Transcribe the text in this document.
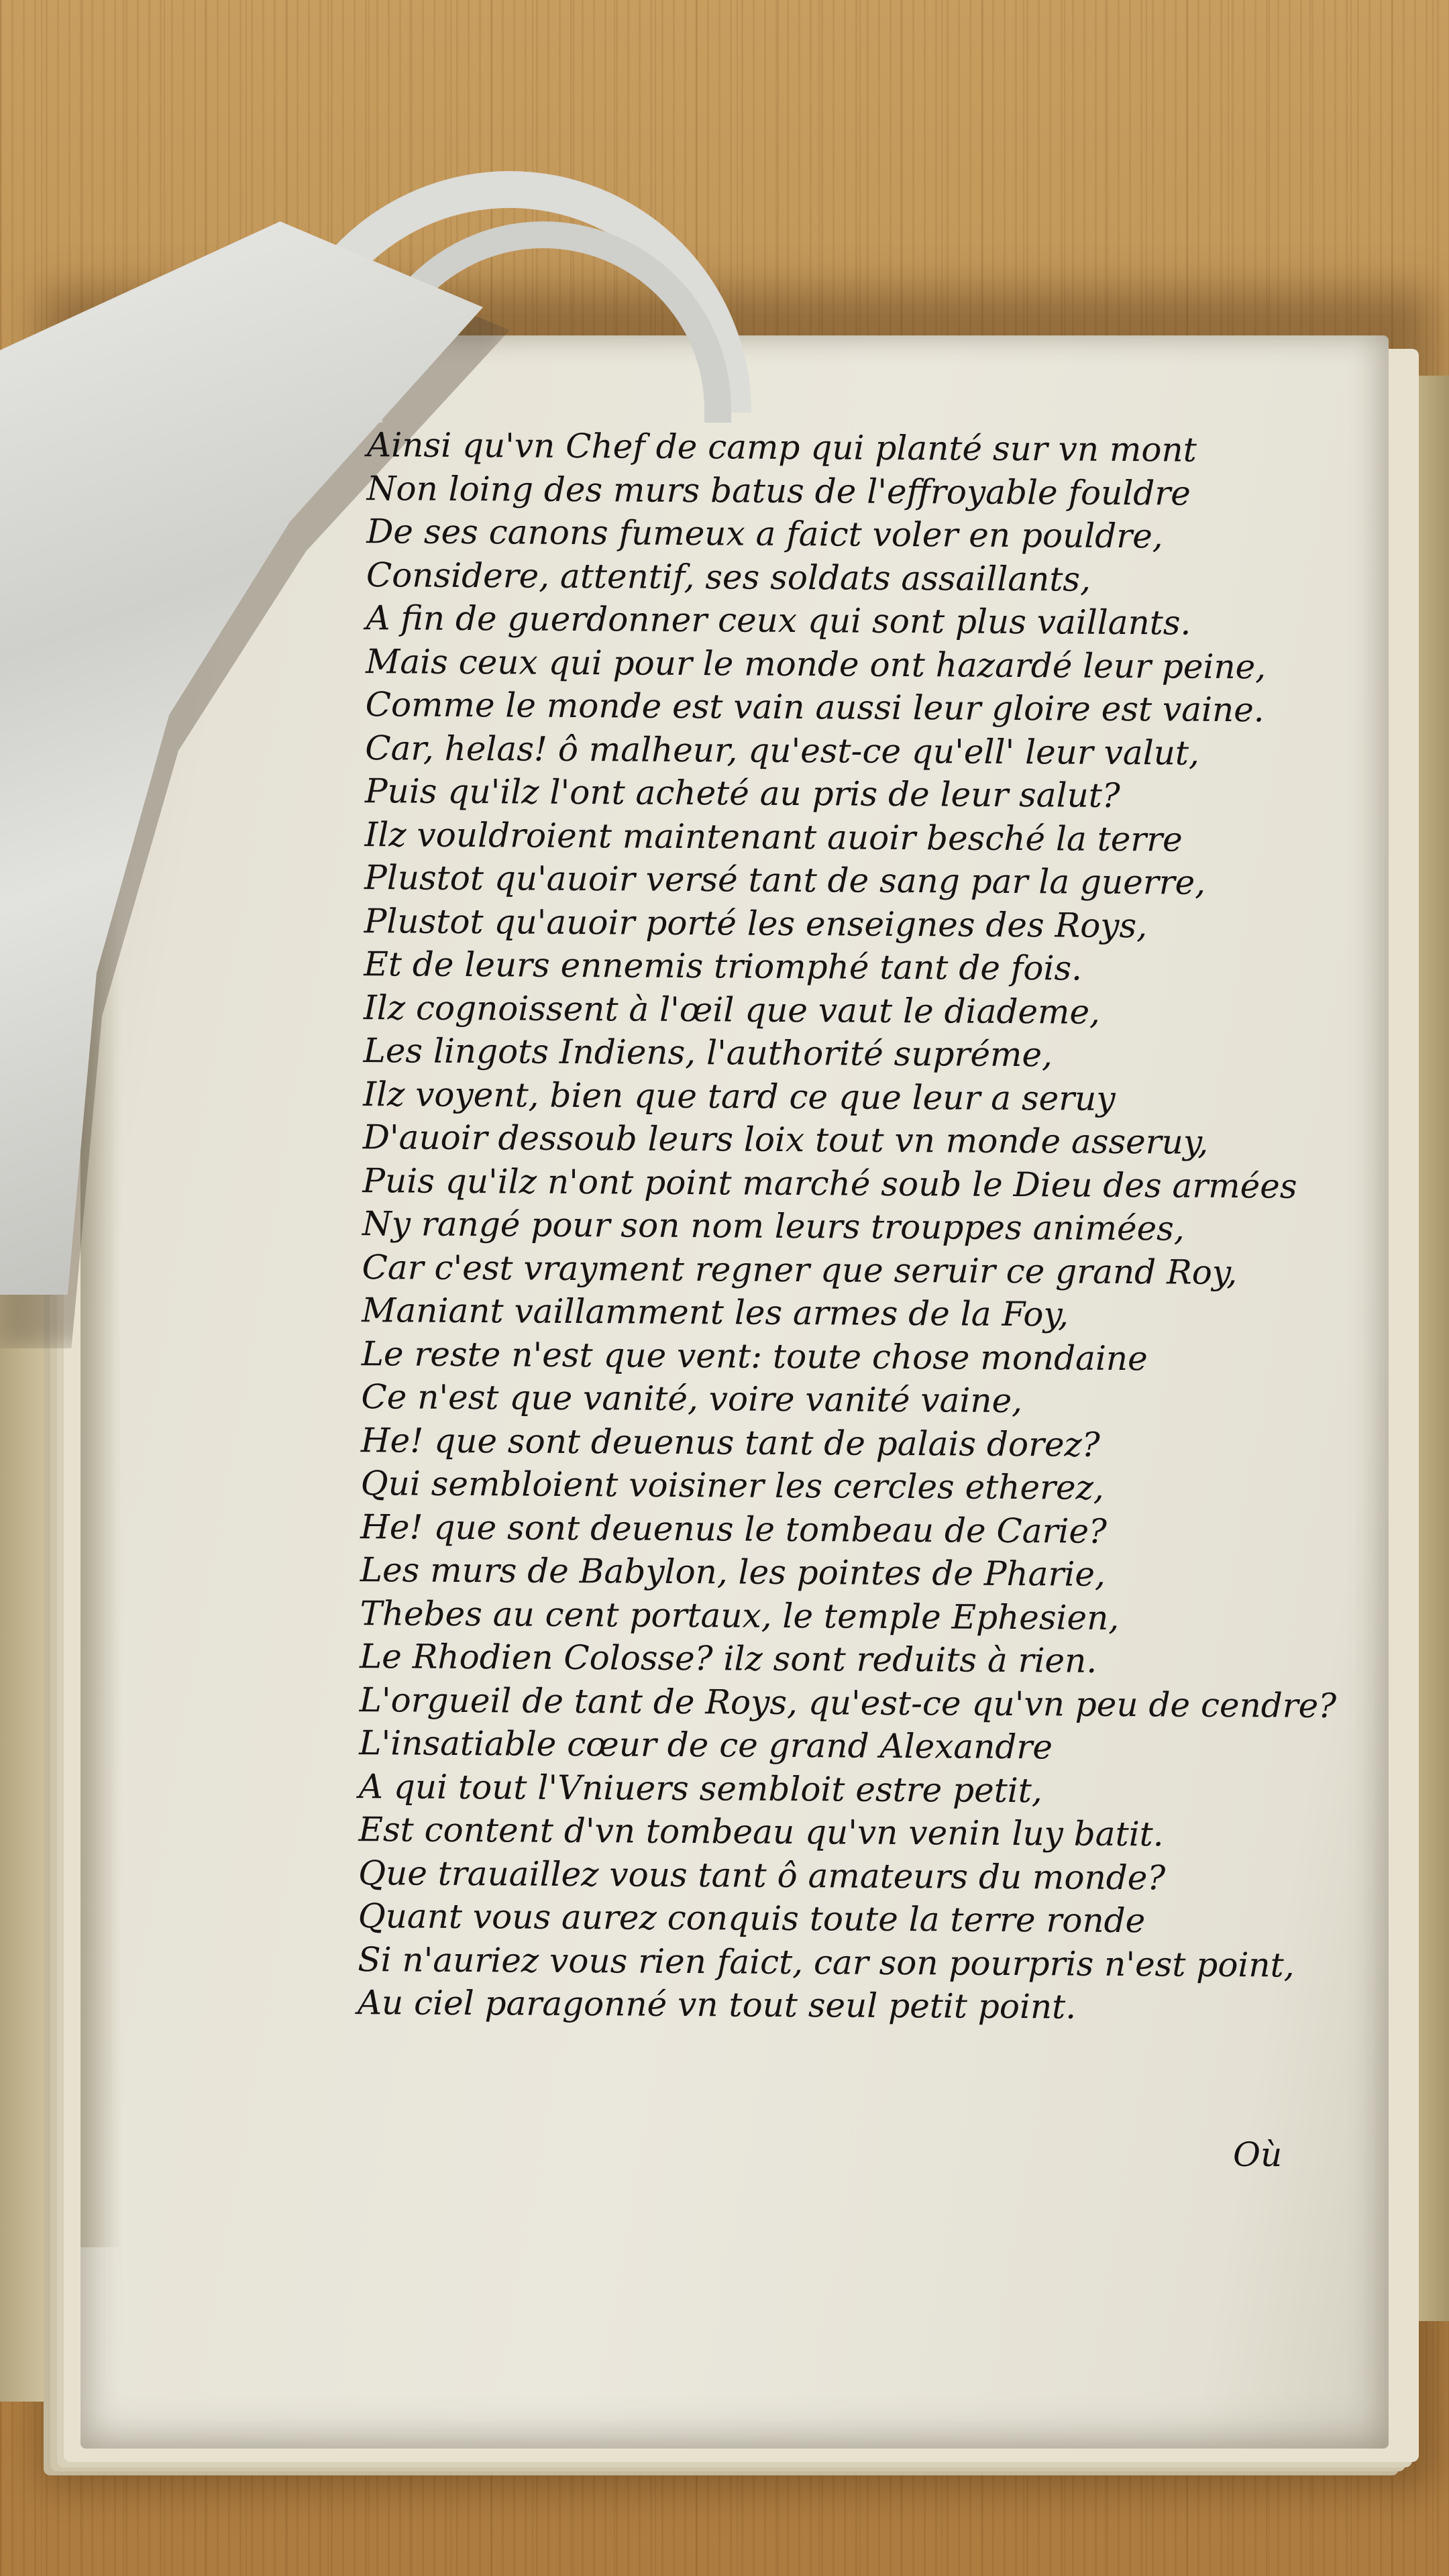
Ainsi qu'vn Chef de camp qui planté sur vn mont
Non loing des murs batus de l'effroyable fouldre
De ses canons fumeux a faict voler en pouldre,
Considere, attentif, ses soldats assaillants,
A fin de guerdonner ceux qui sont plus vaillants.
Mais ceux qui pour le monde ont hazardé leur peine,
Comme le monde est vain aussi leur gloire est vaine.
Car, helas! ô malheur, qu'est-ce qu'ell' leur valut,
Puis qu'ilz l'ont acheté au pris de leur salut?
Ilz vouldroient maintenant auoir besché la terre
Plustot qu'auoir versé tant de sang par la guerre,
Plustot qu'auoir porté les enseignes des Roys,
Et de leurs ennemis triomphé tant de fois.
Ilz cognoissent à l'œil que vaut le diademe,
Les lingots Indiens, l'authorité supréme,
Ilz voyent, bien que tard ce que leur a seruy
D'auoir dessoub leurs loix tout vn monde asseruy,
Puis qu'ilz n'ont point marché soub le Dieu des armées
Ny rangé pour son nom leurs trouppes animées,
Car c'est vrayment regner que seruir ce grand Roy,
Maniant vaillamment les armes de la Foy,
Le reste n'est que vent: toute chose mondaine
Ce n'est que vanité, voire vanité vaine,
He! que sont deuenus tant de palais dorez?
Qui sembloient voisiner les cercles etherez,
He! que sont deuenus le tombeau de Carie?
Les murs de Babylon, les pointes de Pharie,
Thebes au cent portaux, le temple Ephesien,
Le Rhodien Colosse? ilz sont reduits à rien.
L'orgueil de tant de Roys, qu'est-ce qu'vn peu de cendre?
L'insatiable cœur de ce grand Alexandre
A qui tout l'Vniuers sembloit estre petit,
Est content d'vn tombeau qu'vn venin luy batit.
Que trauaillez vous tant ô amateurs du monde?
Quant vous aurez conquis toute la terre ronde
Si n'auriez vous rien faict, car son pourpris n'est point,
Au ciel paragonné vn tout seul petit point.
Où
